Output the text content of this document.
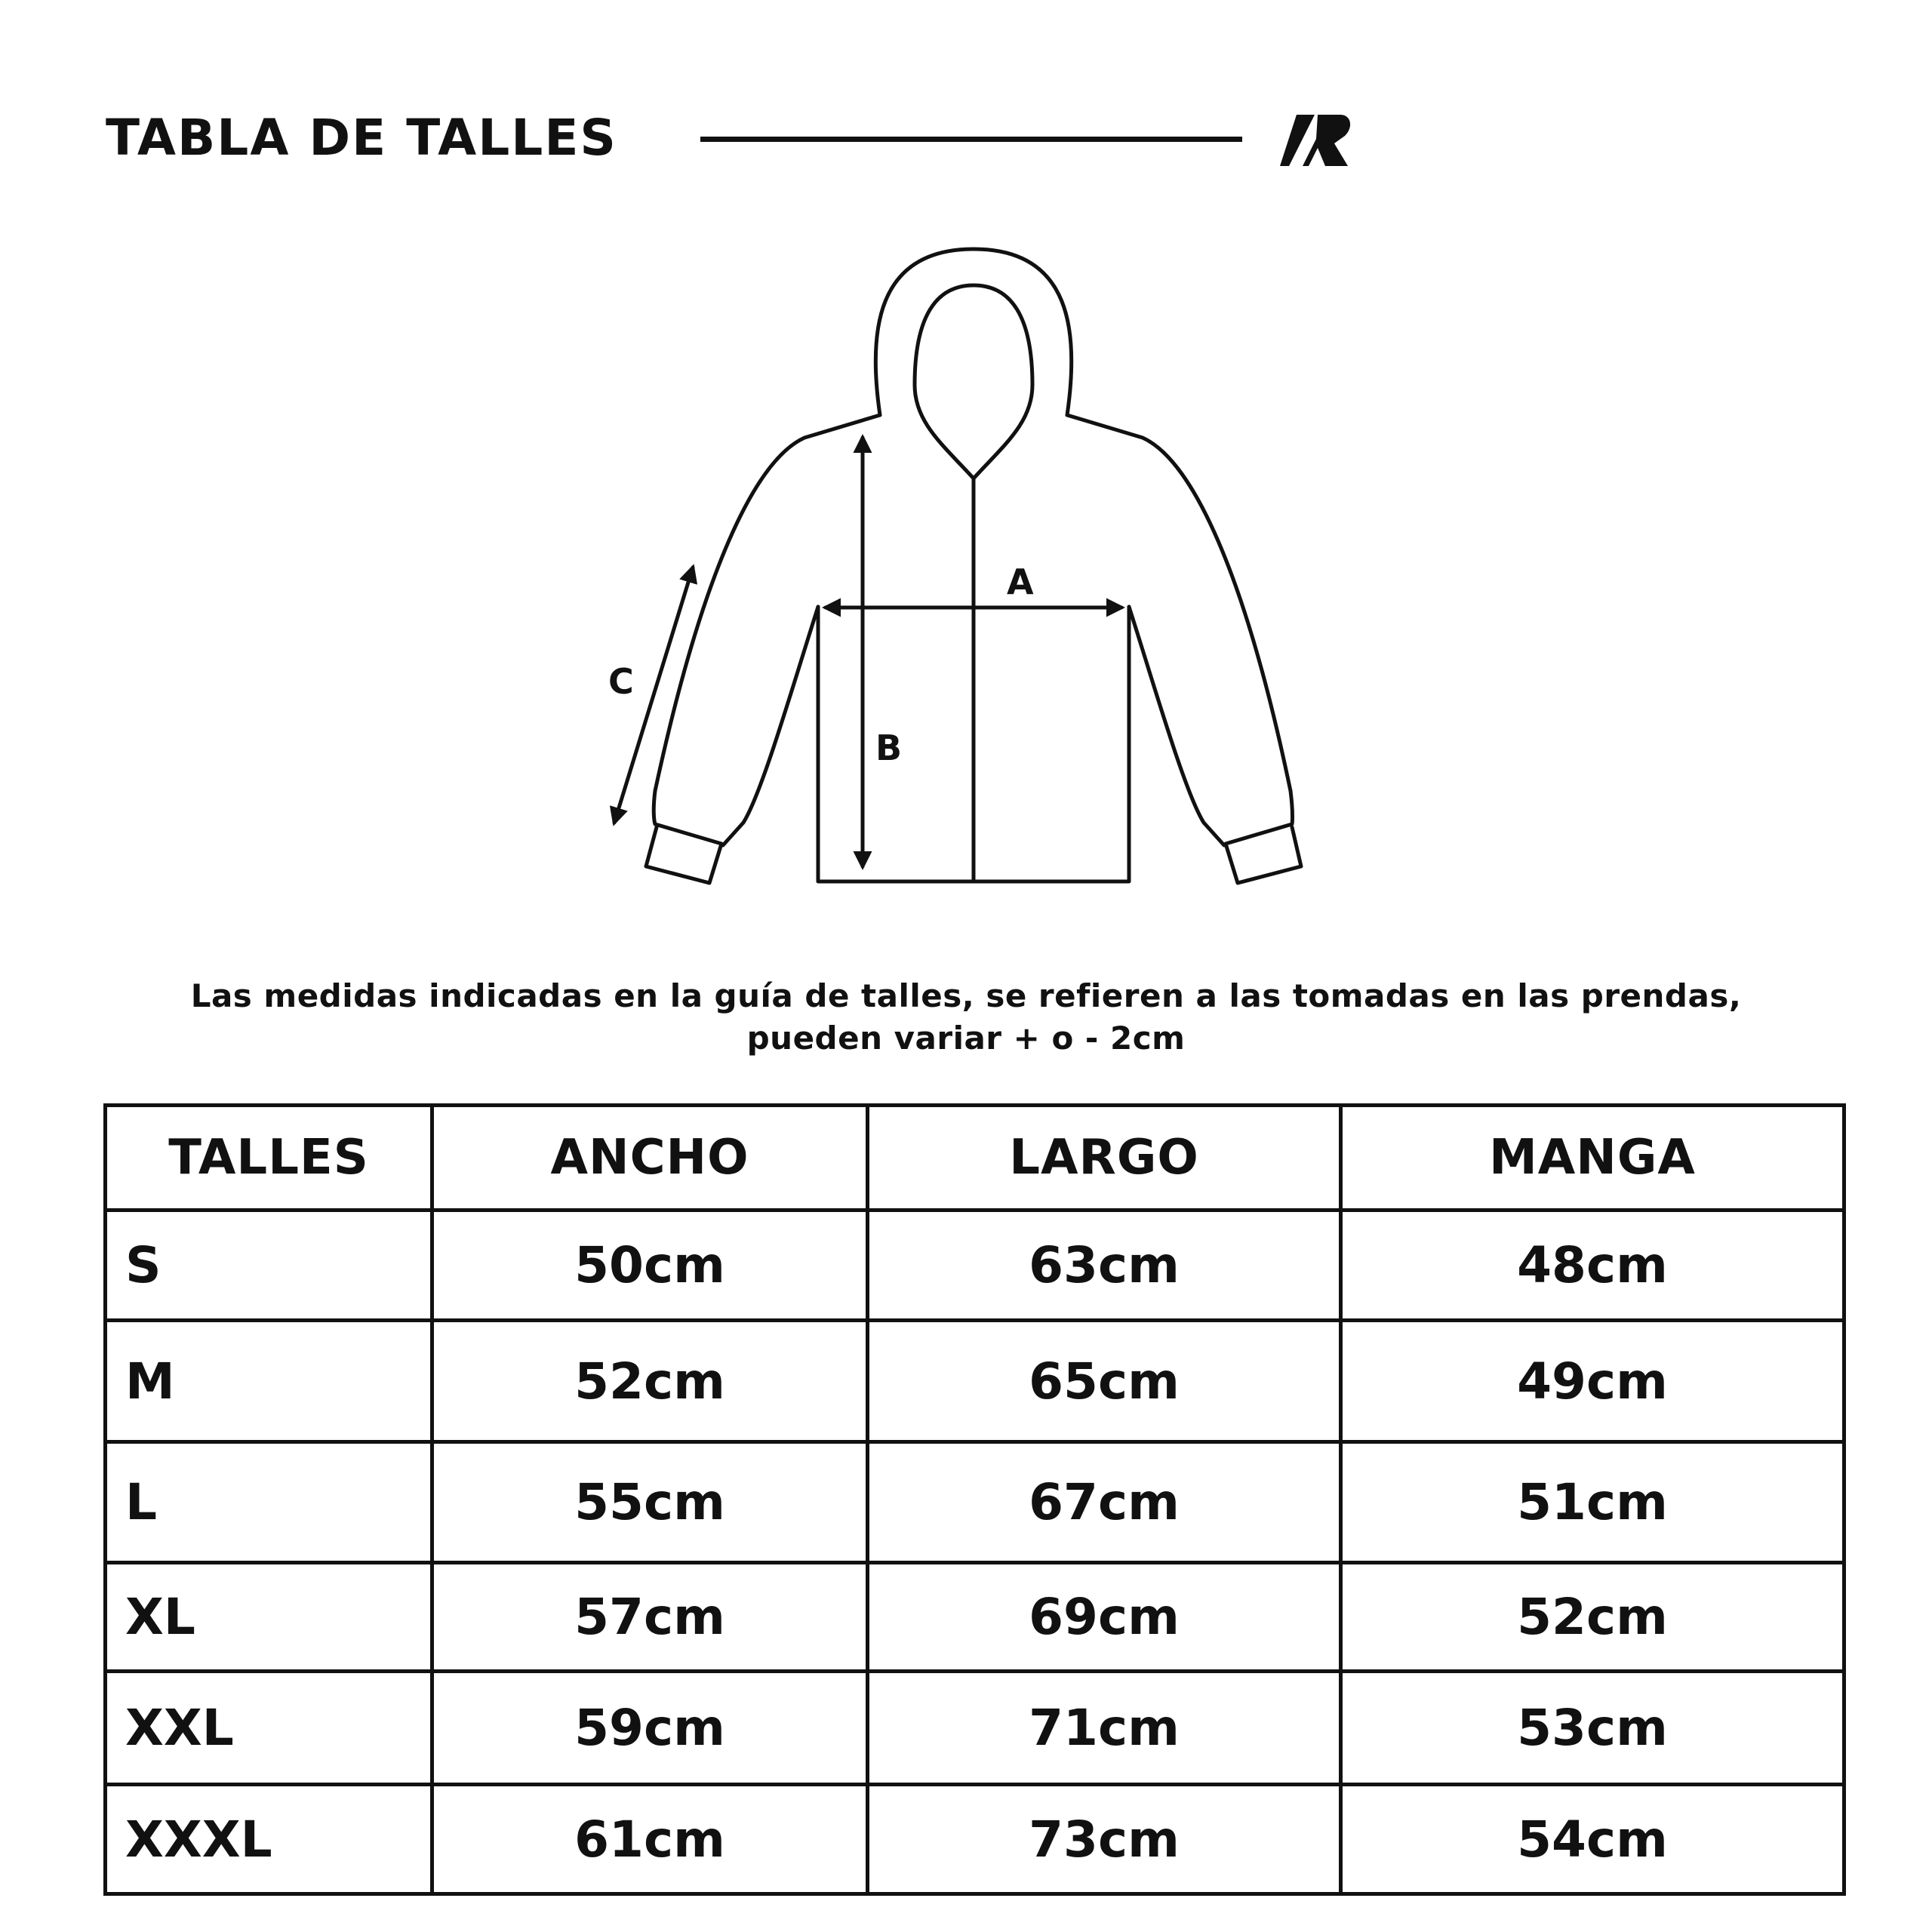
TABLA DE TALLES
A
B
C
Las medidas indicadas en la guía de talles, se refieren a las tomadas en las prendas,
pueden variar + o - 2cm
TALLES	ANCHO	LARGO	MANGA
S	50cm	63cm	48cm
M	52cm	65cm	49cm
L	55cm	67cm	51cm
XL	57cm	69cm	52cm
XXL	59cm	71cm	53cm
XXXL	61cm	73cm	54cm
